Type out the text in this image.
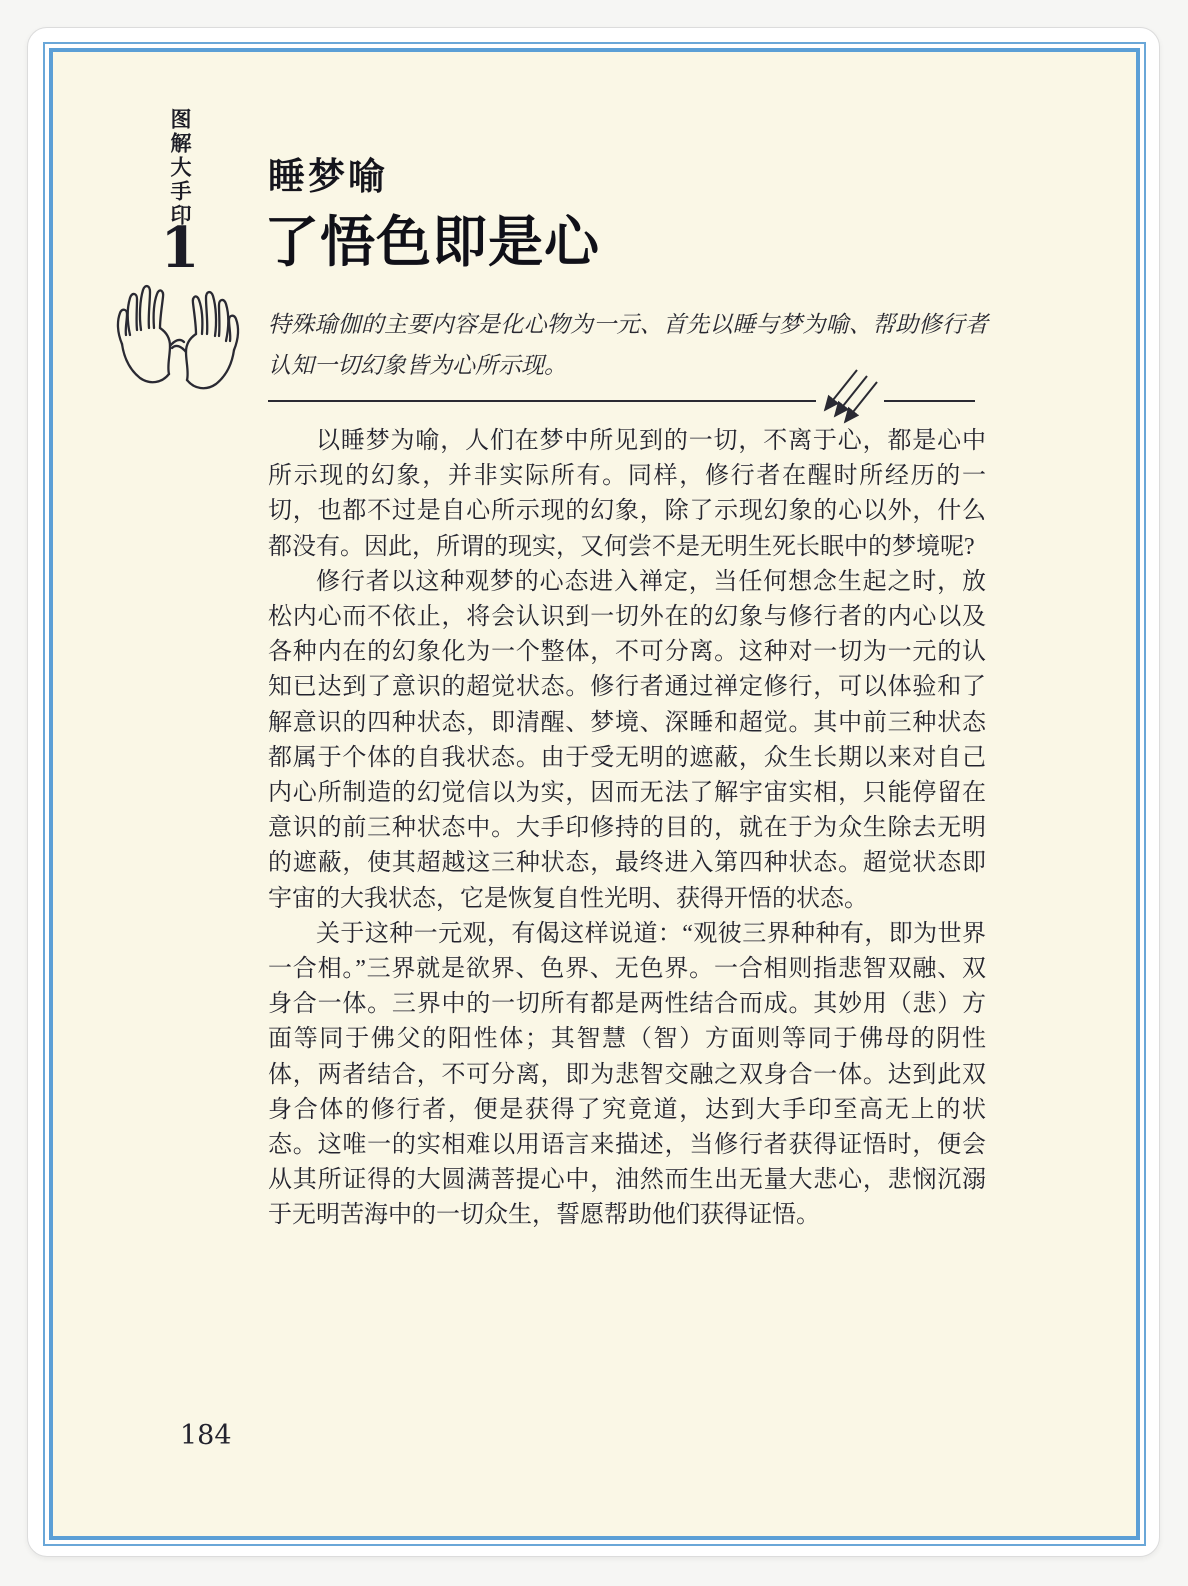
图解大手印
1
睡梦喻
了悟色即是心
特殊瑜伽的主要内容是化心物为一元、首先以睡与梦为喻、帮助修行者认知一切幻象皆为心所示现。

以睡梦为喻，人们在梦中所见到的一切，不离于心，都是心中所示现的幻象，并非实际所有。同样，修行者在醒时所经历的一切，也都不过是自心所示现的幻象，除了示现幻象的心以外，什么都没有。因此，所谓的现实，又何尝不是无明生死长眠中的梦境呢?

修行者以这种观梦的心态进入禅定，当任何想念生起之时，放松内心而不依止，将会认识到一切外在的幻象与修行者的内心以及各种内在的幻象化为一个整体，不可分离。这种对一切为一元的认知已达到了意识的超觉状态。修行者通过禅定修行，可以体验和了解意识的四种状态，即清醒、梦境、深睡和超觉。其中前三种状态都属于个体的自我状态。由于受无明的遮蔽，众生长期以来对自己内心所制造的幻觉信以为实，因而无法了解宇宙实相，只能停留在意识的前三种状态中。大手印修持的目的，就在于为众生除去无明的遮蔽，使其超越这三种状态，最终进入第四种状态。超觉状态即宇宙的大我状态，它是恢复自性光明、获得开悟的状态。

关于这种一元观，有偈这样说道：“观彼三界种种有，即为世界一合相。”三界就是欲界、色界、无色界。一合相则指悲智双融、双身合一体。三界中的一切所有都是两性结合而成。其妙用（悲）方面等同于佛父的阳性体；其智慧（智）方面则等同于佛母的阴性体，两者结合，不可分离，即为悲智交融之双身合一体。达到此双身合体的修行者，便是获得了究竟道，达到大手印至高无上的状态。这唯一的实相难以用语言来描述，当修行者获得证悟时，便会从其所证得的大圆满菩提心中，油然而生出无量大悲心，悲悯沉溺于无明苦海中的一切众生，誓愿帮助他们获得证悟。

184
